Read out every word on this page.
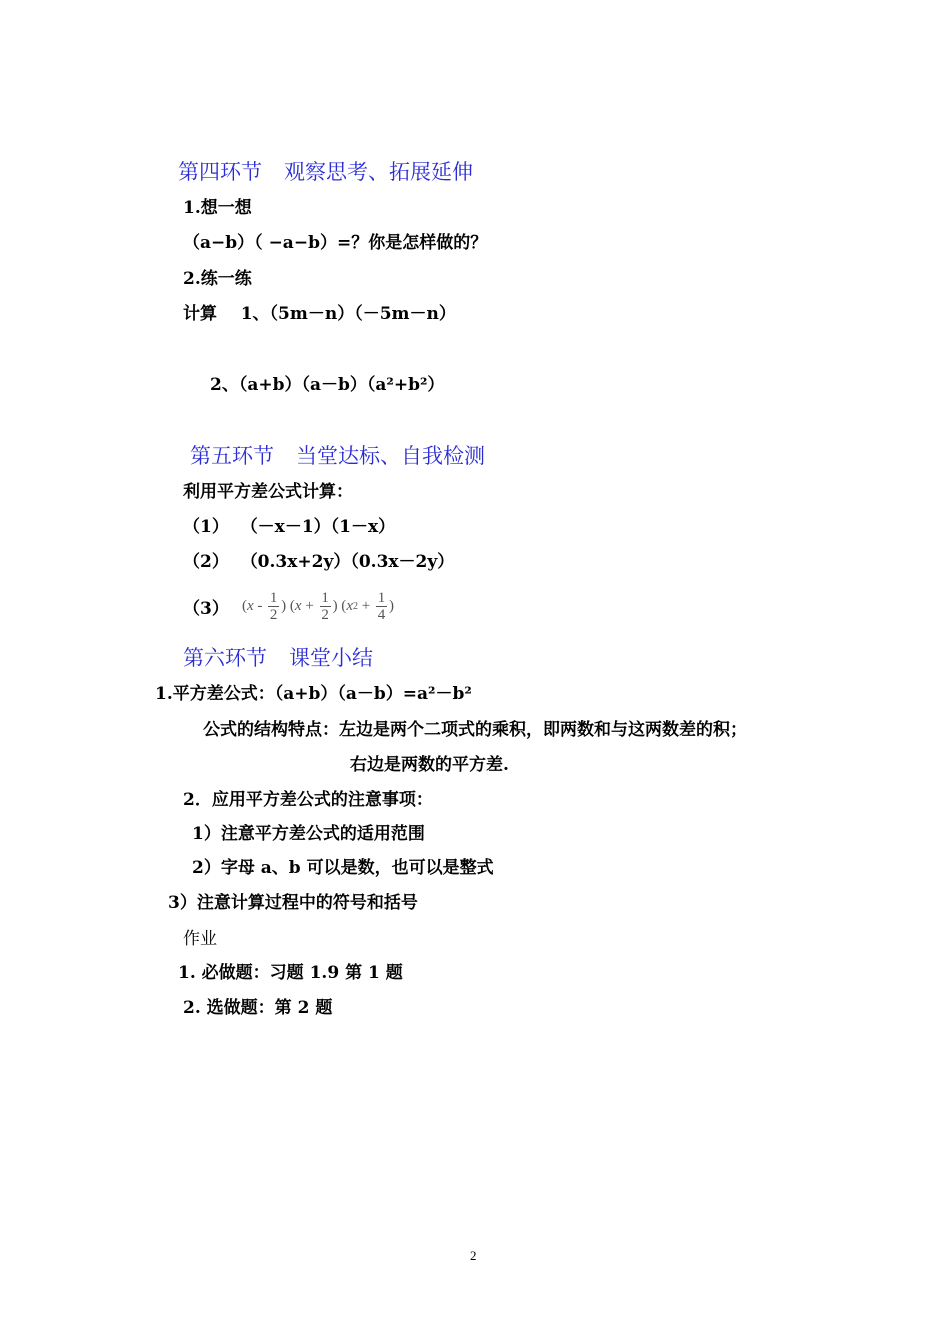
第四环节 观察思考、拓展延伸
1.想一想
（a−b）（ −a−b）=？你是怎样做的？
2.练一练
计算 1、（5m－n）（－5m－n）
2、（a+b）（a－b）（a²+b²）
第五环节 当堂达标、自我检测
利用平方差公式计算：
（1） （－x－1）（1－x）
（2） （0.3x+2y）（0.3x－2y）
（3） ( x - $\frac{1}{2}$ ) ( $x + \frac{1}{2}$ ) ( x $2 + \frac{1}{4}$ )
第六环节 课堂小结
1.平方差公式：（a+b）（a－b）=a²－b²
公式的结构特点：左边是两个二项式的乘积，即两数和与这两数差的积；
右边是两数的平方差.
2．应用平方差公式的注意事项：
1）注意平方差公式的适用范围
2）字母 a、b 可以是数，也可以是整式
3）注意计算过程中的符号和括号
作业
1. 必做题：习题 1.9 第 1 题
2. 选做题：第 2 题
2
